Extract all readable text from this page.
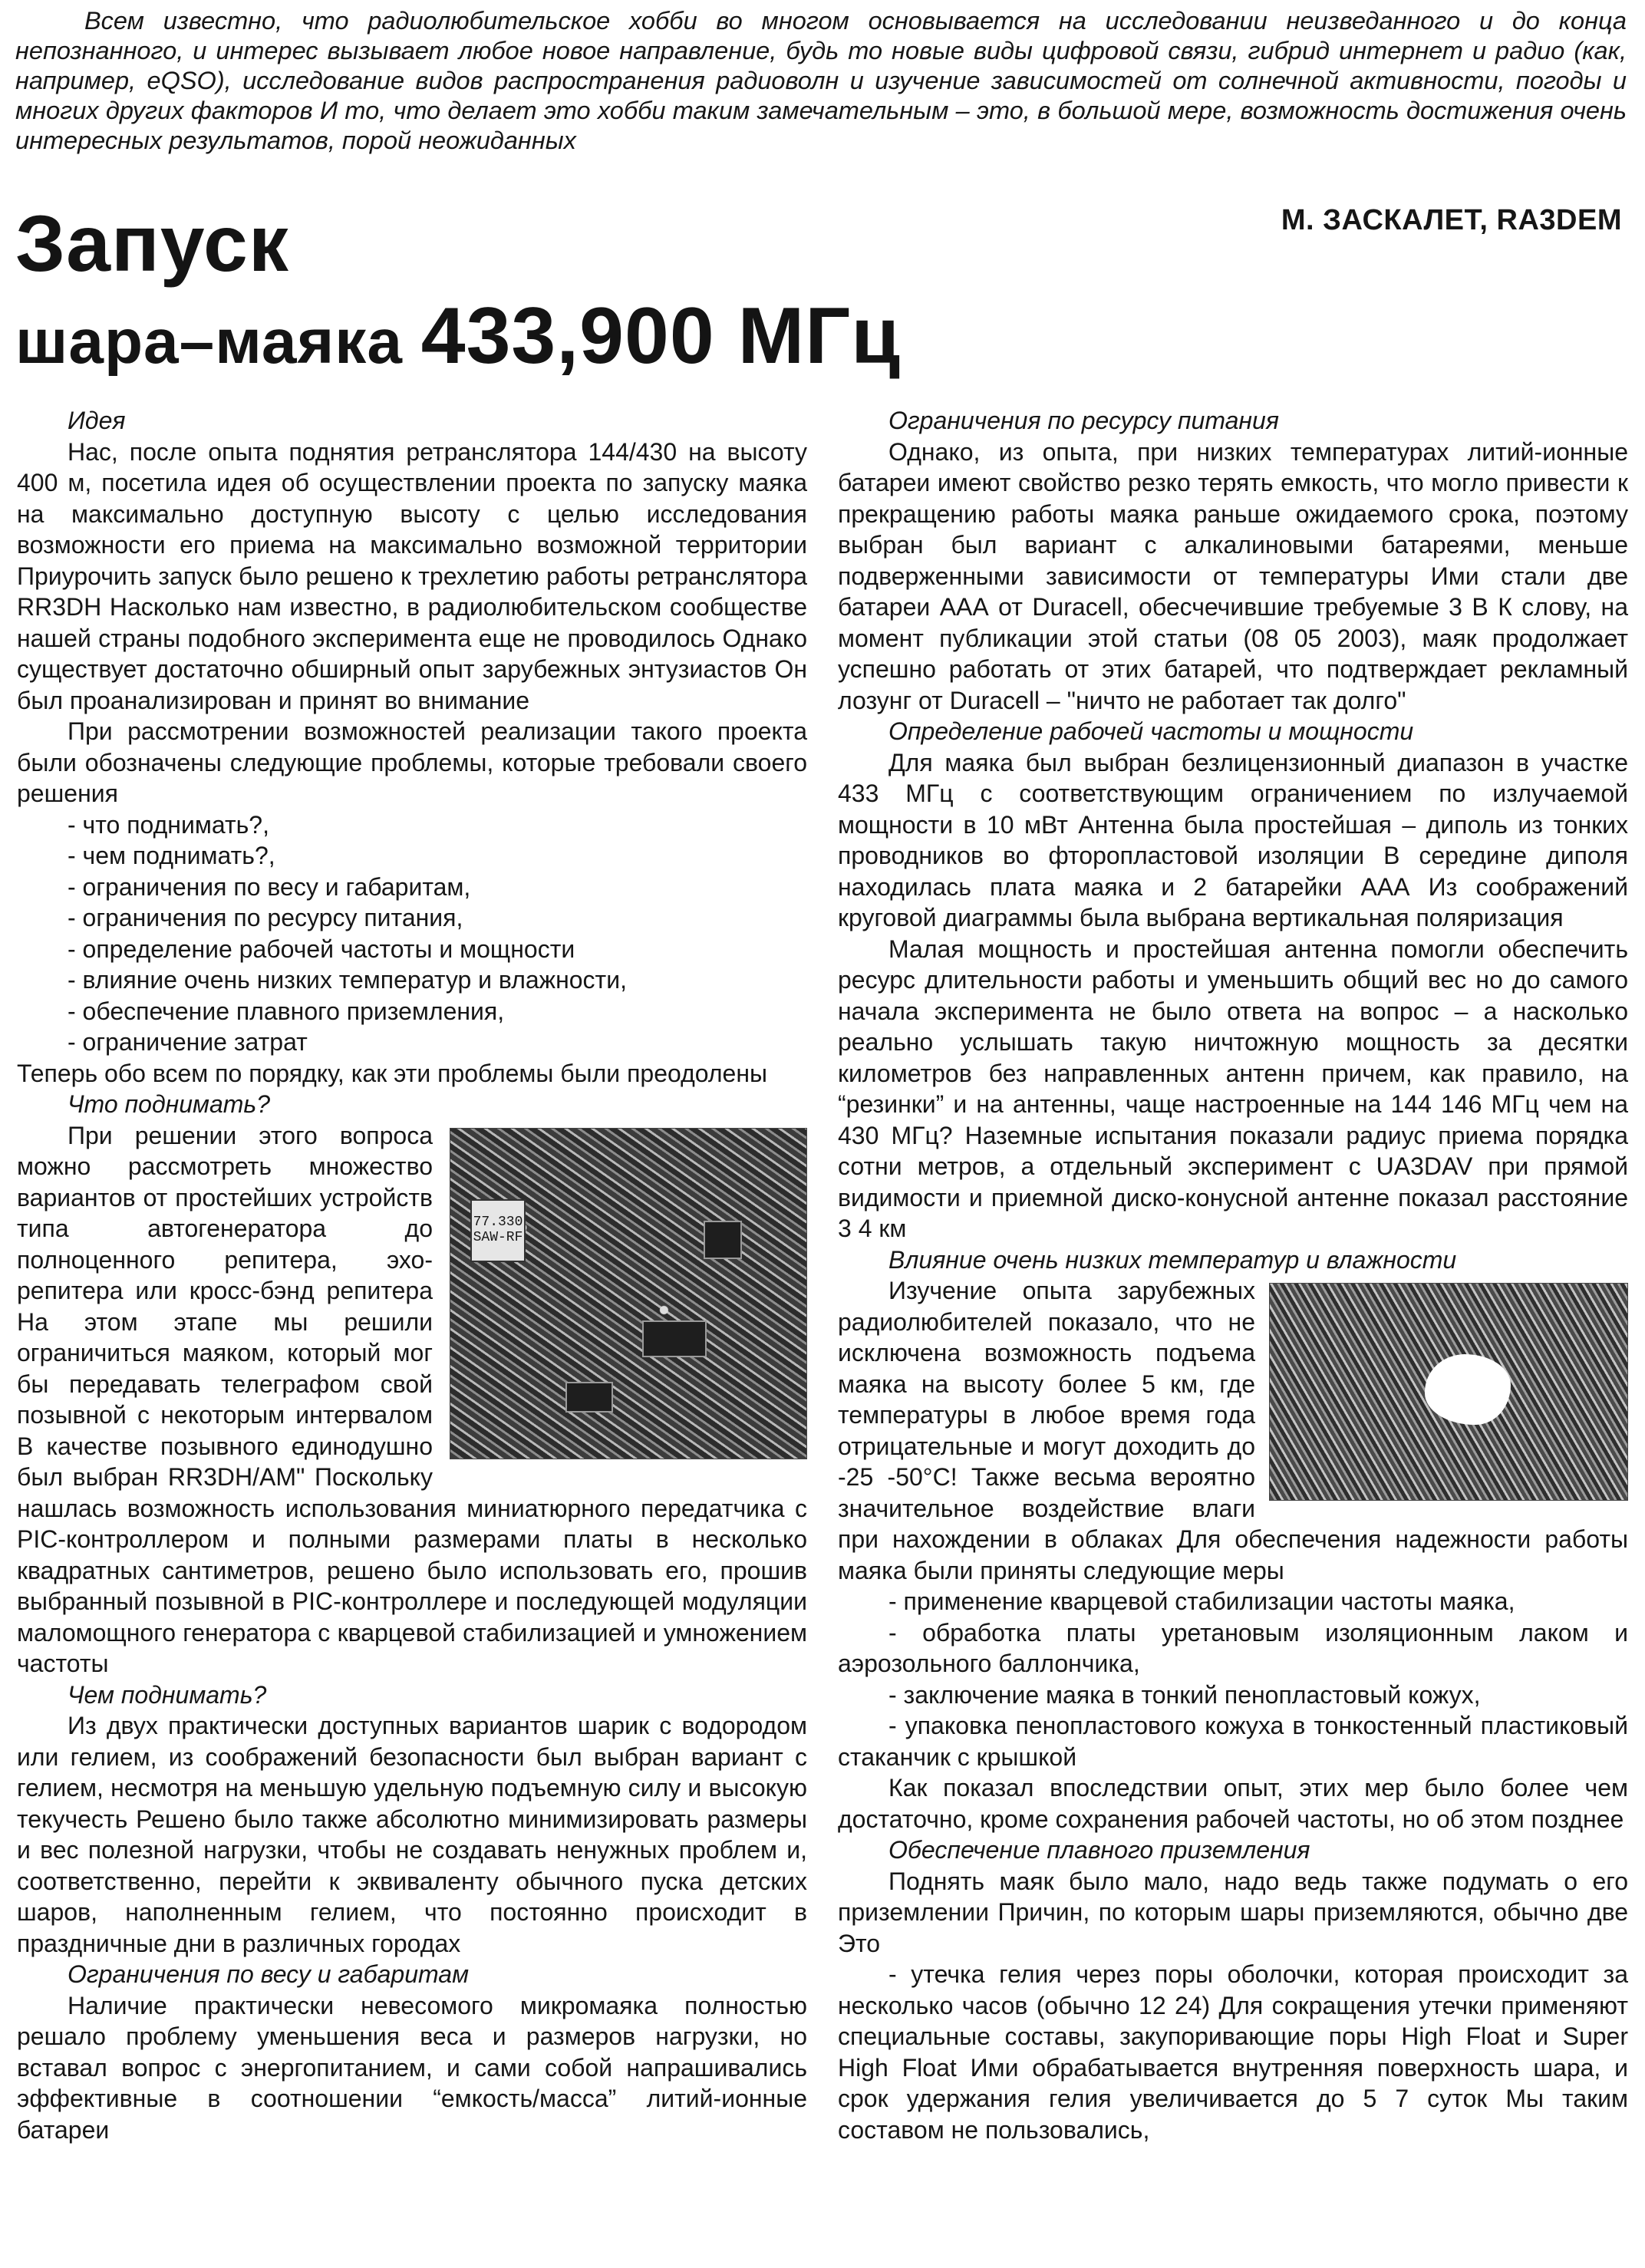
Всем известно, что радиолюбительское хобби во многом основывается на исследовании неизведанного и до конца непознанного, и интерес вызывает любое новое направление, будь то новые виды цифровой связи, гибрид интернет и радио (как, например, eQSO), исследование видов распространения радиоволн и изучение зависимостей от солнечной активности, погоды и многих других факторов И то, что делает это хобби таким замечательным – это, в большой мере, возможность достижения очень интересных результатов, порой неожиданных

Запуск
шара–маяка 433,900 МГц
М. ЗАСКАЛЕТ, RA3DEM

Идея

Нас, после опыта поднятия ретранслятора 144/430 на высоту 400 м, посетила идея об осуществлении проекта по запуску маяка на максимально доступную высоту с целью исследования возможности его приема на максимально возможной территории Приурочить запуск было решено к трехлетию работы ретранслятора RR3DH Насколько нам известно, в радиолюбительском сообществе нашей страны подобного эксперимента еще не проводилось Однако существует достаточно обширный опыт зарубежных энтузиастов Он был проанализирован и принят во внимание

При рассмотрении возможностей реализации такого проекта были обозначены следующие проблемы, которые требовали своего решения

- что поднимать?,

- чем поднимать?,

- ограничения по весу и габаритам,

- ограничения по ресурсу питания,

- определение рабочей частоты и мощности

- влияние очень низких температур и влажности,

- обеспечение плавного приземления,

- ограничение затрат

Теперь обо всем по порядку, как эти проблемы были преодолены

Что поднимать?

77.330 SAW-RF

При решении этого вопроса можно рассмотреть множество вариантов от простейших устройств типа автогенератора до полноценного репитера, эхо-репитера или кросс-бэнд репитера На этом этапе мы решили ограничиться маяком, который мог бы передавать телеграфом свой позывной с некоторым интервалом В качестве позывного единодушно был выбран RR3DH/AM" Поскольку нашлась возможность использования миниатюрного передатчика с PIC-контроллером и полными размерами платы в несколько квадратных сантиметров, решено было использовать его, прошив выбранный позывной в PIC-контроллере и последующей модуляции маломощного генератора с кварцевой стабилизацией и умножением частоты

Чем поднимать?

Из двух практически доступных вариантов шарик с водородом или гелием, из соображений безопасности был выбран вариант с гелием, несмотря на меньшую удельную подъемную силу и высокую текучесть Решено было также абсолютно минимизировать размеры и вес полезной нагрузки, чтобы не создавать ненужных проблем и, соответственно, перейти к эквиваленту обычного пуска детских шаров, наполненным гелием, что постоянно происходит в праздничные дни в различных городах

Ограничения по весу и габаритам

Наличие практически невесомого микромаяка полностью решало проблему уменьшения веса и размеров нагрузки, но вставал вопрос с энергопитанием, и сами собой напрашивались эффективные в соотношении “емкость/масса” литий-ионные батареи

Ограничения по ресурсу питания

Однако, из опыта, при низких температурах литий-ионные батареи имеют свойство резко терять емкость, что могло привести к прекращению работы маяка раньше ожидаемого срока, поэтому выбран был вариант с алкалиновыми батареями, меньше подверженными зависимости от температуры Ими стали две батареи ААА от Duracell, обесчечившие требуемые 3 В К слову, на момент публикации этой статьи (08 05 2003), маяк продолжает успешно работать от этих батарей, что подтверждает рекламный лозунг от Duracell – "ничто не работает так долго"

Определение рабочей частоты и мощности

Для маяка был выбран безлицензионный диапазон в участке 433 МГц с соответствующим ограничением по излучаемой мощности в 10 мВт Антенна была простейшая – диполь из тонких проводников во фторопластовой изоляции В середине диполя находилась плата маяка и 2 батарейки ААА Из соображений круговой диаграммы была выбрана вертикальная поляризация

Малая мощность и простейшая антенна помогли обеспечить ресурс длительности работы и уменьшить общий вес но до самого начала эксперимента не было ответа на вопрос – а насколько реально услышать такую ничтожную мощность за десятки километров без направленных антенн причем, как правило, на “резинки” и на антенны, чаще настроенные на 144 146 МГц чем на 430 МГц? Наземные испытания показали радиус приема порядка сотни метров, а отдельный эксперимент с UA3DAV при прямой видимости и приемной диско-конусной антенне показал расстояние 3 4 км

Влияние очень низких температур и влажности

Изучение опыта зарубежных радиолюбителей показало, что не исключена возможность подъема маяка на высоту более 5 км, где температуры в любое время года отрицательные и могут доходить до -25 -50°C! Также весьма вероятно значительное воздействие влаги при нахождении в облаках Для обеспечения надежности работы маяка были приняты следующие меры

- применение кварцевой стабилизации частоты маяка,

- обработка платы уретановым изоляционным лаком и аэрозольного баллончика,

- заключение маяка в тонкий пенопластовый кожух,

- упаковка пенопластового кожуха в тонкостенный пластиковый стаканчик с крышкой

Как показал впоследствии опыт, этих мер было более чем достаточно, кроме сохранения рабочей частоты, но об этом позднее

Обеспечение плавного приземления

Поднять маяк было мало, надо ведь также подумать о его приземлении Причин, по которым шары приземляются, обычно две Это

- утечка гелия через поры оболочки, которая происходит за несколько часов (обычно 12 24) Для сокращения утечки применяют специальные составы, закупоривающие поры High Float и Super High Float Ими обрабатывается внутренняя поверхность шара, и срок удержания гелия увеличивается до 5 7 суток Мы таким составом не пользовались,
